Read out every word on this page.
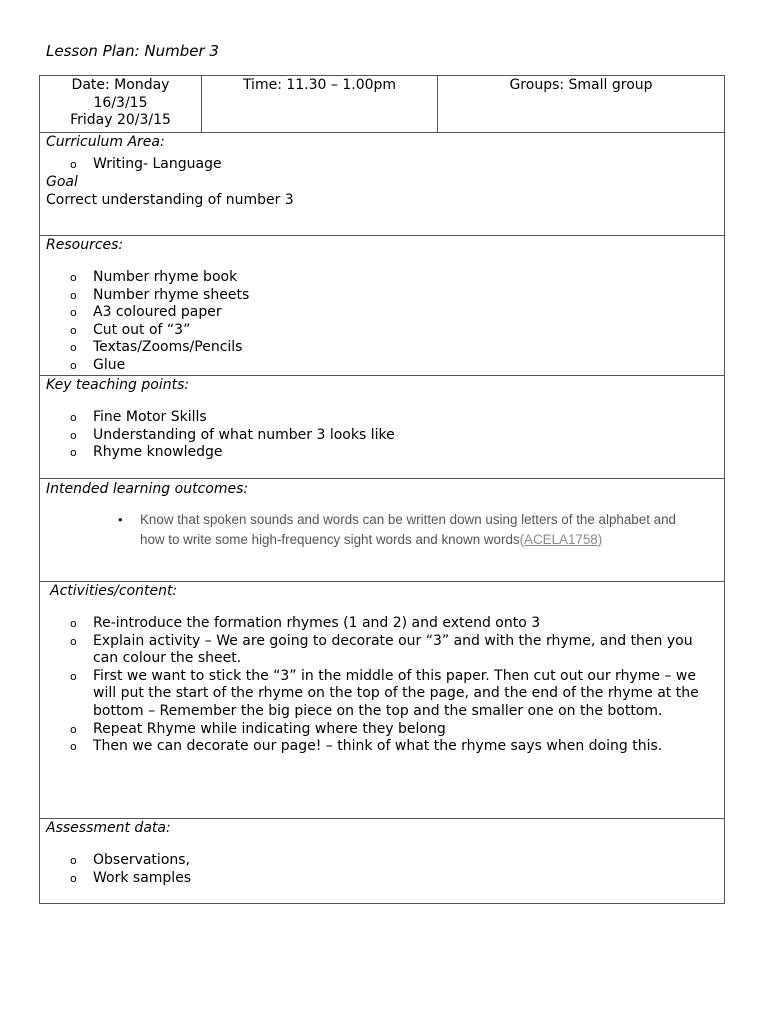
Lesson Plan: Number 3
Date: Monday
16/3/15
Friday 20/3/15

Time: 11.30 – 1.00pm	Groups: Small group

Curriculum Area:
o Writing- Language
Goal
Correct understanding of number 3

Resources:
o Number rhyme book
o Number rhyme sheets
o A3 coloured paper
o Cut out of “3”
o Textas/Zooms/Pencils
o Glue

Key teaching points:
o Fine Motor Skills
o Understanding of what number 3 looks like
o Rhyme knowledge

Intended learning outcomes:
• Know that spoken sounds and words can be written down using letters of the alphabet and how to write some high-frequency sight words and known words(ACELA1758)

Activities/content:
o Re-introduce the formation rhymes (1 and 2) and extend onto 3
o Explain activity – We are going to decorate our “3” and with the rhyme, and then you can colour the sheet.
o First we want to stick the “3” in the middle of this paper. Then cut out our rhyme – we will put the start of the rhyme on the top of the page, and the end of the rhyme at the bottom – Remember the big piece on the top and the smaller one on the bottom.
o Repeat Rhyme while indicating where they belong
o Then we can decorate our page! – think of what the rhyme says when doing this.

Assessment data:
o Observations,
o Work samples
